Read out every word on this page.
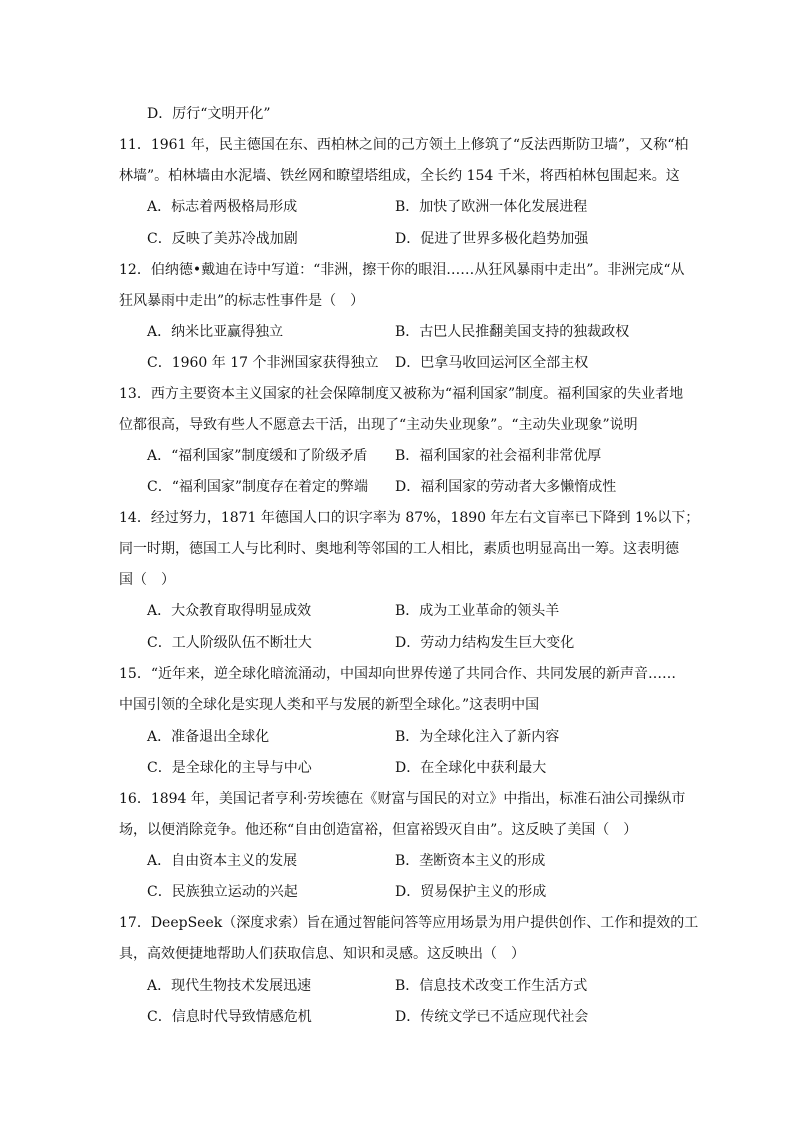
D．厉行“文明开化”
11．1961 年，民主德国在东、西柏林之间的己方领土上修筑了“反法西斯防卫墙”，又称“柏
林墙”。柏林墙由水泥墙、铁丝网和瞭望塔组成，全长约 154 千米，将西柏林包围起来。这
A．标志着两极格局形成	B．加快了欧洲一体化发展进程
C．反映了美苏冷战加剧	D．促进了世界多极化趋势加强
12．伯纳德•戴迪在诗中写道：“非洲，擦干你的眼泪……从狂风暴雨中走出”。非洲完成“从
狂风暴雨中走出”的标志性事件是（　）
A．纳米比亚赢得独立	B．古巴人民推翻美国支持的独裁政权
C．1960 年 17 个非洲国家获得独立 D．巴拿马收回运河区全部主权
13．西方主要资本主义国家的社会保障制度又被称为“福利国家”制度。福利国家的失业者地
位都很高，导致有些人不愿意去干活，出现了“主动失业现象”。“主动失业现象”说明
A．“福利国家”制度缓和了阶级矛盾 B．福利国家的社会福利非常优厚
C．“福利国家”制度存在着定的弊端 D．福利国家的劳动者大多懒惰成性
14．经过努力，1871 年德国人口的识字率为 87%，1890 年左右文盲率已下降到 1%以下；
同一时期，德国工人与比利时、奥地利等邻国的工人相比，素质也明显高出一筹。这表明德
国（　）
A．大众教育取得明显成效	B．成为工业革命的领头羊
C．工人阶级队伍不断壮大	D．劳动力结构发生巨大变化
15．“近年来，逆全球化暗流涌动，中国却向世界传递了共同合作、共同发展的新声音……
中国引领的全球化是实现人类和平与发展的新型全球化。”这表明中国
A．准备退出全球化	B．为全球化注入了新内容
C．是全球化的主导与中心	D．在全球化中获利最大
16．1894 年，美国记者亨利·劳埃德在《财富与国民的对立》中指出，标准石油公司操纵市
场，以便消除竞争。他还称“自由创造富裕，但富裕毁灭自由”。这反映了美国（　）
A．自由资本主义的发展	B．垄断资本主义的形成
C．民族独立运动的兴起	D．贸易保护主义的形成
17．DeepSeek（深度求索）旨在通过智能问答等应用场景为用户提供创作、工作和提效的工
具，高效便捷地帮助人们获取信息、知识和灵感。这反映出（　）
A．现代生物技术发展迅速	B．信息技术改变工作生活方式
C．信息时代导致情感危机	D．传统文学已不适应现代社会
